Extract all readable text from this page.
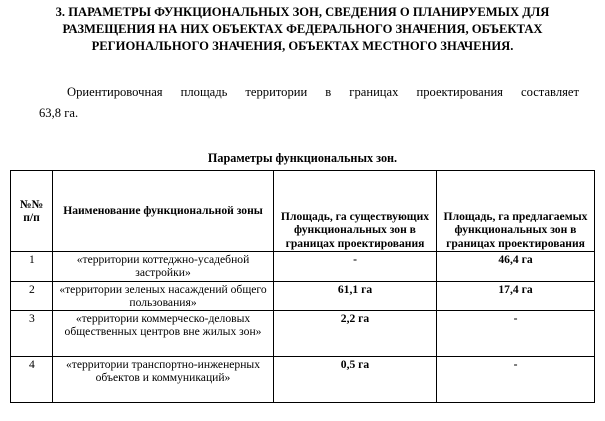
3. ПАРАМЕТРЫ ФУНКЦИОНАЛЬНЫХ ЗОН, СВЕДЕНИЯ О ПЛАНИРУЕМЫХ ДЛЯ РАЗМЕЩЕНИЯ НА НИХ ОБЪЕКТАХ ФЕДЕРАЛЬНОГО ЗНАЧЕНИЯ, ОБЪЕКТАХ РЕГИОНАЛЬНОГО ЗНАЧЕНИЯ, ОБЪЕКТАХ МЕСТНОГО ЗНАЧЕНИЯ.
Ориентировочная площадь территории в границах проектирования составляет
63,8 га.
Параметры функциональных зон.
№№ п/п	Наименование функциональной зоны	Площадь, га существующих функциональных зон в границах проектирования	Площадь, га предлагаемых функциональных зон в границах проектирования
1	«территории коттеджно-усадебной застройки»	-	46,4 га
2	«территории зеленых насаждений общего пользования»	61,1 га	17,4 га
3	«территории коммерческо-деловых общественных центров вне жилых зон»	2,2 га	-
4	«территории транспортно-инженерных объектов и коммуникаций»	0,5 га	-
